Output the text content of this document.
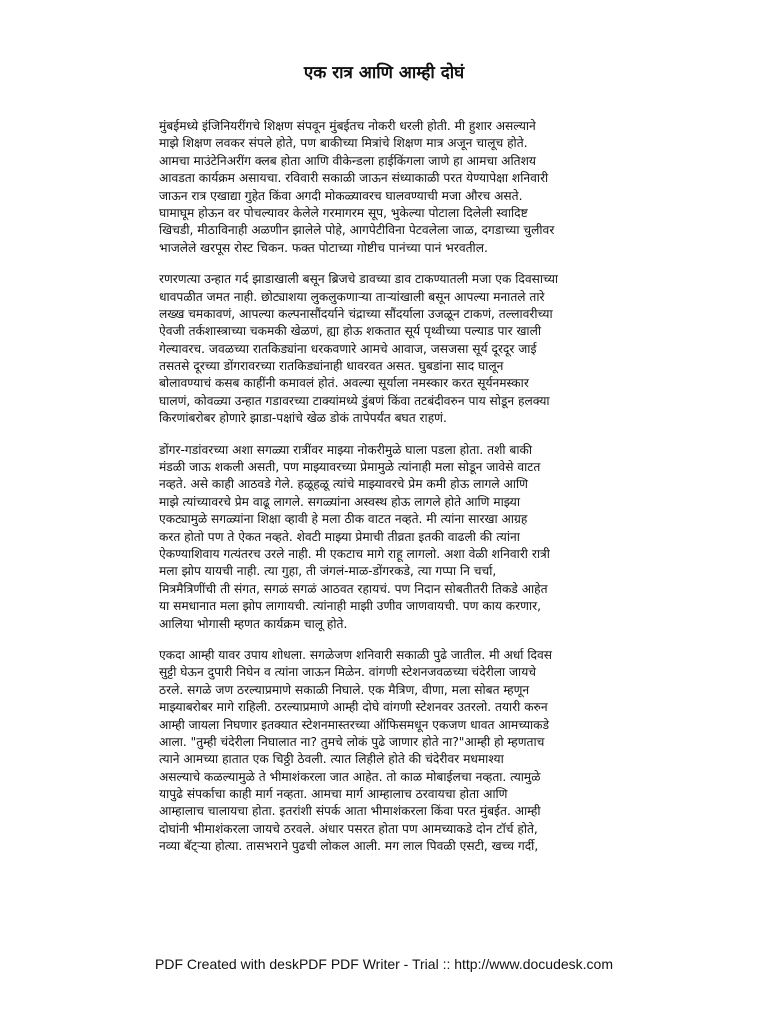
एक रात्र आणि आम्ही दोघं
मुंबईमध्ये इंजिनियरींगचे शिक्षण संपवून मुंबईतच नोकरी धरली होती. मी हुशार असल्याने
माझे शिक्षण लवकर संपले होते, पण बाकीच्या मित्रांचे शिक्षण मात्र अजून चालूच होते.
आमचा माउंटेनिअरींग क्लब होता आणि वीकेन्डला हाईकिंगला जाणे हा आमचा अतिशय
आवडता कार्यक्रम असायचा. रविवारी सकाळी जाऊन संध्याकाळी परत येण्यापेक्षा शनिवारी
जाऊन रात्र एखाद्या गुहेत किंवा अगदी मोकळ्यावरच घालवण्याची मजा औरच असते.
घामाघूम होऊन वर पोचल्यावर केलेले गरमागरम सूप, भुकेल्या पोटाला दिलेली स्वादिष्ट
खिचडी, मीठाविनाही अळणीन झालेले पोहे, आगपेटीविना पेटवलेला जाळ, दगडाच्या चुलीवर
भाजलेले खरपूस रोस्ट चिकन. फक्त पोटाच्या गोष्टीच पानंच्या पानं भरवतील.
रणरणत्या उन्हात गर्द झाडाखाली बसून ब्रिजचे डावच्या डाव टाकण्यातली मजा एक दिवसाच्या
धावपळीत जमत नाही. छोट्याशया लुकलुकणाऱ्या ताऱ्यांखाली बसून आपल्या मनातले तारे
लख्ख चमकावणं, आपल्या कल्पनासौंदर्याने चंद्राच्या सौंदर्याला उजळून टाकणं, तल्लावरीच्या
ऐवजी तर्कशास्त्राच्या चकमकी खेळणं, ह्या होऊ शकतात सूर्य पृथ्वीच्या पल्याड पार खाली
गेल्यावरच. जवळच्या रातकिड्यांना धरकवणारे आमचे आवाज, जसजसा सूर्य दूरदूर जाई
तसतसे दूरच्या डोंगरावरच्या रातकिड्यांनाही धावरवत असत. घुबडांना साद घालून
बोलावण्याचं कसब काहींनी कमावलं होतं. अवल्या सूर्याला नमस्कार करत सूर्यनमस्कार
घालणं, कोवळ्या उन्हात गडावरच्या टाक्यांमध्ये डुंबणं किंवा तटबंदीवरुन पाय सोडून हलक्या
किरणांबरोबर होणारे झाडा-पक्षांचे खेळ डोकं तापेपर्यंत बघत राहणं.
डोंगर-गडांवरच्या अशा सगळ्या रात्रींवर माझ्या नोकरीमुळे घाला पडला होता. तशी बाकी
मंडळी जाऊ शकली असती, पण माझ्यावरच्या प्रेमामुळे त्यांनाही मला सोडून जावेसे वाटत
नव्हते. असे काही आठवडे गेले. हळूहळू त्यांचे माझ्यावरचे प्रेम कमी होऊ लागले आणि
माझे त्यांच्यावरचे प्रेम वाढू लागले. सगळ्यांना अस्वस्थ होऊ लागले होते आणि माझ्या
एकट्यामुळे सगळ्यांना शिक्षा व्हावी हे मला ठीक वाटत नव्हते. मी त्यांना सारखा आग्रह
करत होतो पण ते ऐकत नव्हते. शेवटी माझ्या प्रेमाची तीव्रता इतकी वाढली की त्यांना
ऐकण्याशिवाय गत्यंतरच उरले नाही. मी एकटाच मागे राहू लागलो. अशा वेळी शनिवारी रात्री
मला झोप यायची नाही. त्या गुहा, ती जंगलं-माळ-डोंगरकडे, त्या गप्पा नि चर्चा,
मित्रमैत्रिणींची ती संगत, सगळं सगळं आठवत रहायचं. पण निदान सोबतीतरी तिकडे आहेत
या समधानात मला झोप लागायची. त्यांनाही माझी उणीव जाणवायची. पण काय करणार,
आलिया भोगासी म्हणत कार्यक्रम चालू होते.
एकदा आम्ही यावर उपाय शोधला. सगळेजण शनिवारी सकाळी पुढे जातील. मी अर्धा दिवस
सुट्टी घेऊन दुपारी निघेन व त्यांना जाऊन मिळेन. वांगणी स्टेशनजवळच्या चंदेरीला जायचे
ठरले. सगळे जण ठरल्याप्रमाणे सकाळी निघाले. एक मैत्रिण, वीणा, मला सोबत म्हणून
माझ्याबरोबर मागे राहिली. ठरल्याप्रमाणे आम्ही दोघे वांगणी स्टेशनवर उतरलो. तयारी करुन
आम्ही जायला निघणार इतक्यात स्टेशनमास्तरच्या ऑफिसमधून एकजण धावत आमच्याकडे
आला. "तुम्ही चंदेरीला निघालात ना? तुमचे लोकं पुढे जाणार होते ना?"आम्ही हो म्हणताच
त्याने आमच्या हातात एक चिठ्ठी ठेवली. त्यात लिहीले होते की चंदेरीवर मधमाश्या
असल्याचे कळल्यामुळे ते भीमाशंकरला जात आहेत. तो काळ मोबाईलचा नव्हता. त्यामुळे
यापुढे संपर्काचा काही मार्ग नव्हता. आमचा मार्ग आम्हालाच ठरवायचा होता आणि
आम्हालाच चालायचा होता. इतरांशी संपर्क आता भीमाशंकरला किंवा परत मुंबईत. आम्ही
दोघांनी भीमाशंकरला जायचे ठरवले. अंधार पसरत होता पण आमच्याकडे दोन टॉर्च होते,
नव्या बॅट्ऱ्या होत्या. तासभराने पुढची लोकल आली. मग लाल पिवळी एसटी, खच्च गर्दी,
PDF Created with deskPDF PDF Writer - Trial :: http://www.docudesk.com
